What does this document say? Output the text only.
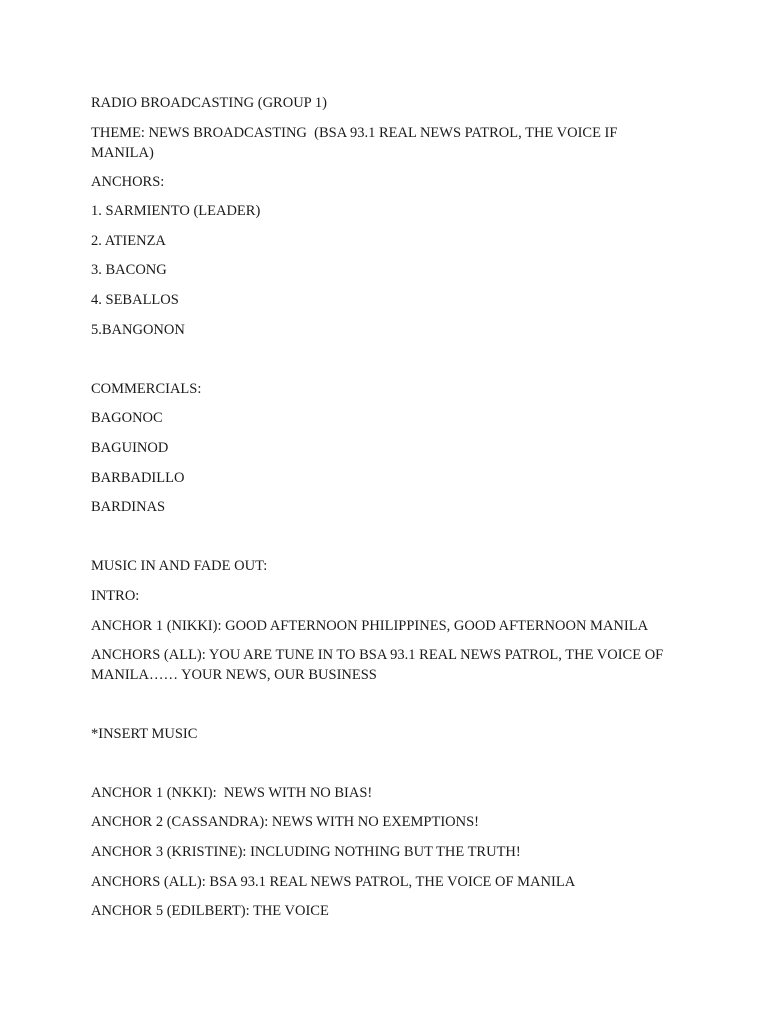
RADIO BROADCASTING (GROUP 1)
THEME: NEWS BROADCASTING  (BSA 93.1 REAL NEWS PATROL, THE VOICE IF MANILA)
ANCHORS:
1. SARMIENTO (LEADER)
2. ATIENZA
3. BACONG
4. SEBALLOS
5.BANGONON
COMMERCIALS:
BAGONOC
BAGUINOD
BARBADILLO
BARDINAS
MUSIC IN AND FADE OUT:
INTRO:
ANCHOR 1 (NIKKI): GOOD AFTERNOON PHILIPPINES, GOOD AFTERNOON MANILA
ANCHORS (ALL): YOU ARE TUNE IN TO BSA 93.1 REAL NEWS PATROL, THE VOICE OF MANILA…… YOUR NEWS, OUR BUSINESS
*INSERT MUSIC
ANCHOR 1 (NKKI):  NEWS WITH NO BIAS!
ANCHOR 2 (CASSANDRA): NEWS WITH NO EXEMPTIONS!
ANCHOR 3 (KRISTINE): INCLUDING NOTHING BUT THE TRUTH!
ANCHORS (ALL): BSA 93.1 REAL NEWS PATROL, THE VOICE OF MANILA
ANCHOR 5 (EDILBERT): THE VOICE
